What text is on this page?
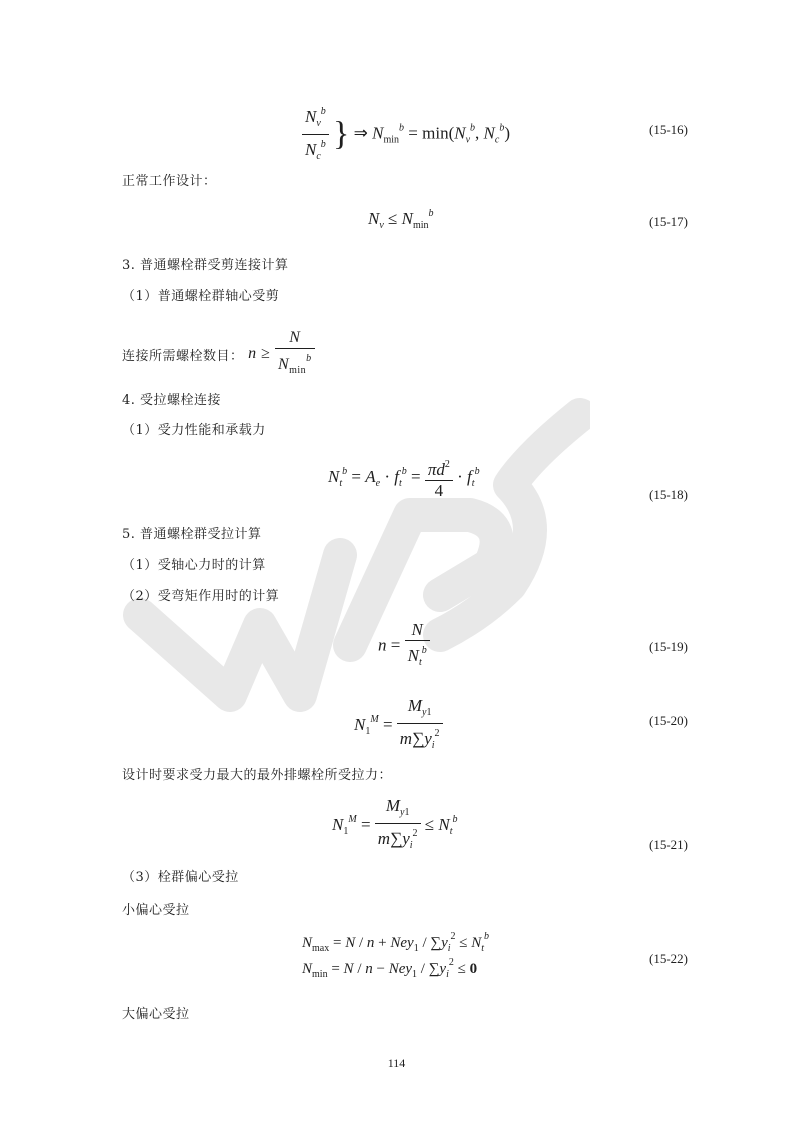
$\frac{N_v^b}{N_c^b}$ } ⇒ $N_{min}^b = \min(N_v^b$, $N_c^b$)	(15-16)
正常工作设计：
$N_v \le N_{min}^b$
(15-17)
3. 普通螺栓群受剪连接计算
（1）普通螺栓群轴心受剪
连接所需螺栓数目： $n \ge \frac{N}{N_{min}^b}$
4. 受拉螺栓连接
（1）受力性能和承载力
$N_t^b = A_e \cdot f_t^b = \frac{\pi d^2}{4} \cdot f_t^b$
(15-18)
5. 普通螺栓群受拉计算
（1）受轴心力时的计算
（2）受弯矩作用时的计算
$n = \frac{N}{N_t^b}$	(15-19)
$N_1^M = \frac{M_{y1}}{m\sum y_i^2}$	(15-20)
设计时要求受力最大的最外排螺栓所受拉力：
$N_1^M = \frac{M_{y1}}{m\sum y_i^2} \le N_t^b$
(15-21)
（3）栓群偏心受拉
小偏心受拉
$N_{max} = N / n + Ney_1 / \sum y_i^2 \le N_t^b$
$N_{min} = N / n - Ney_1 / \sum y_i^2 \le 0$
(15-22)
大偏心受拉
114
